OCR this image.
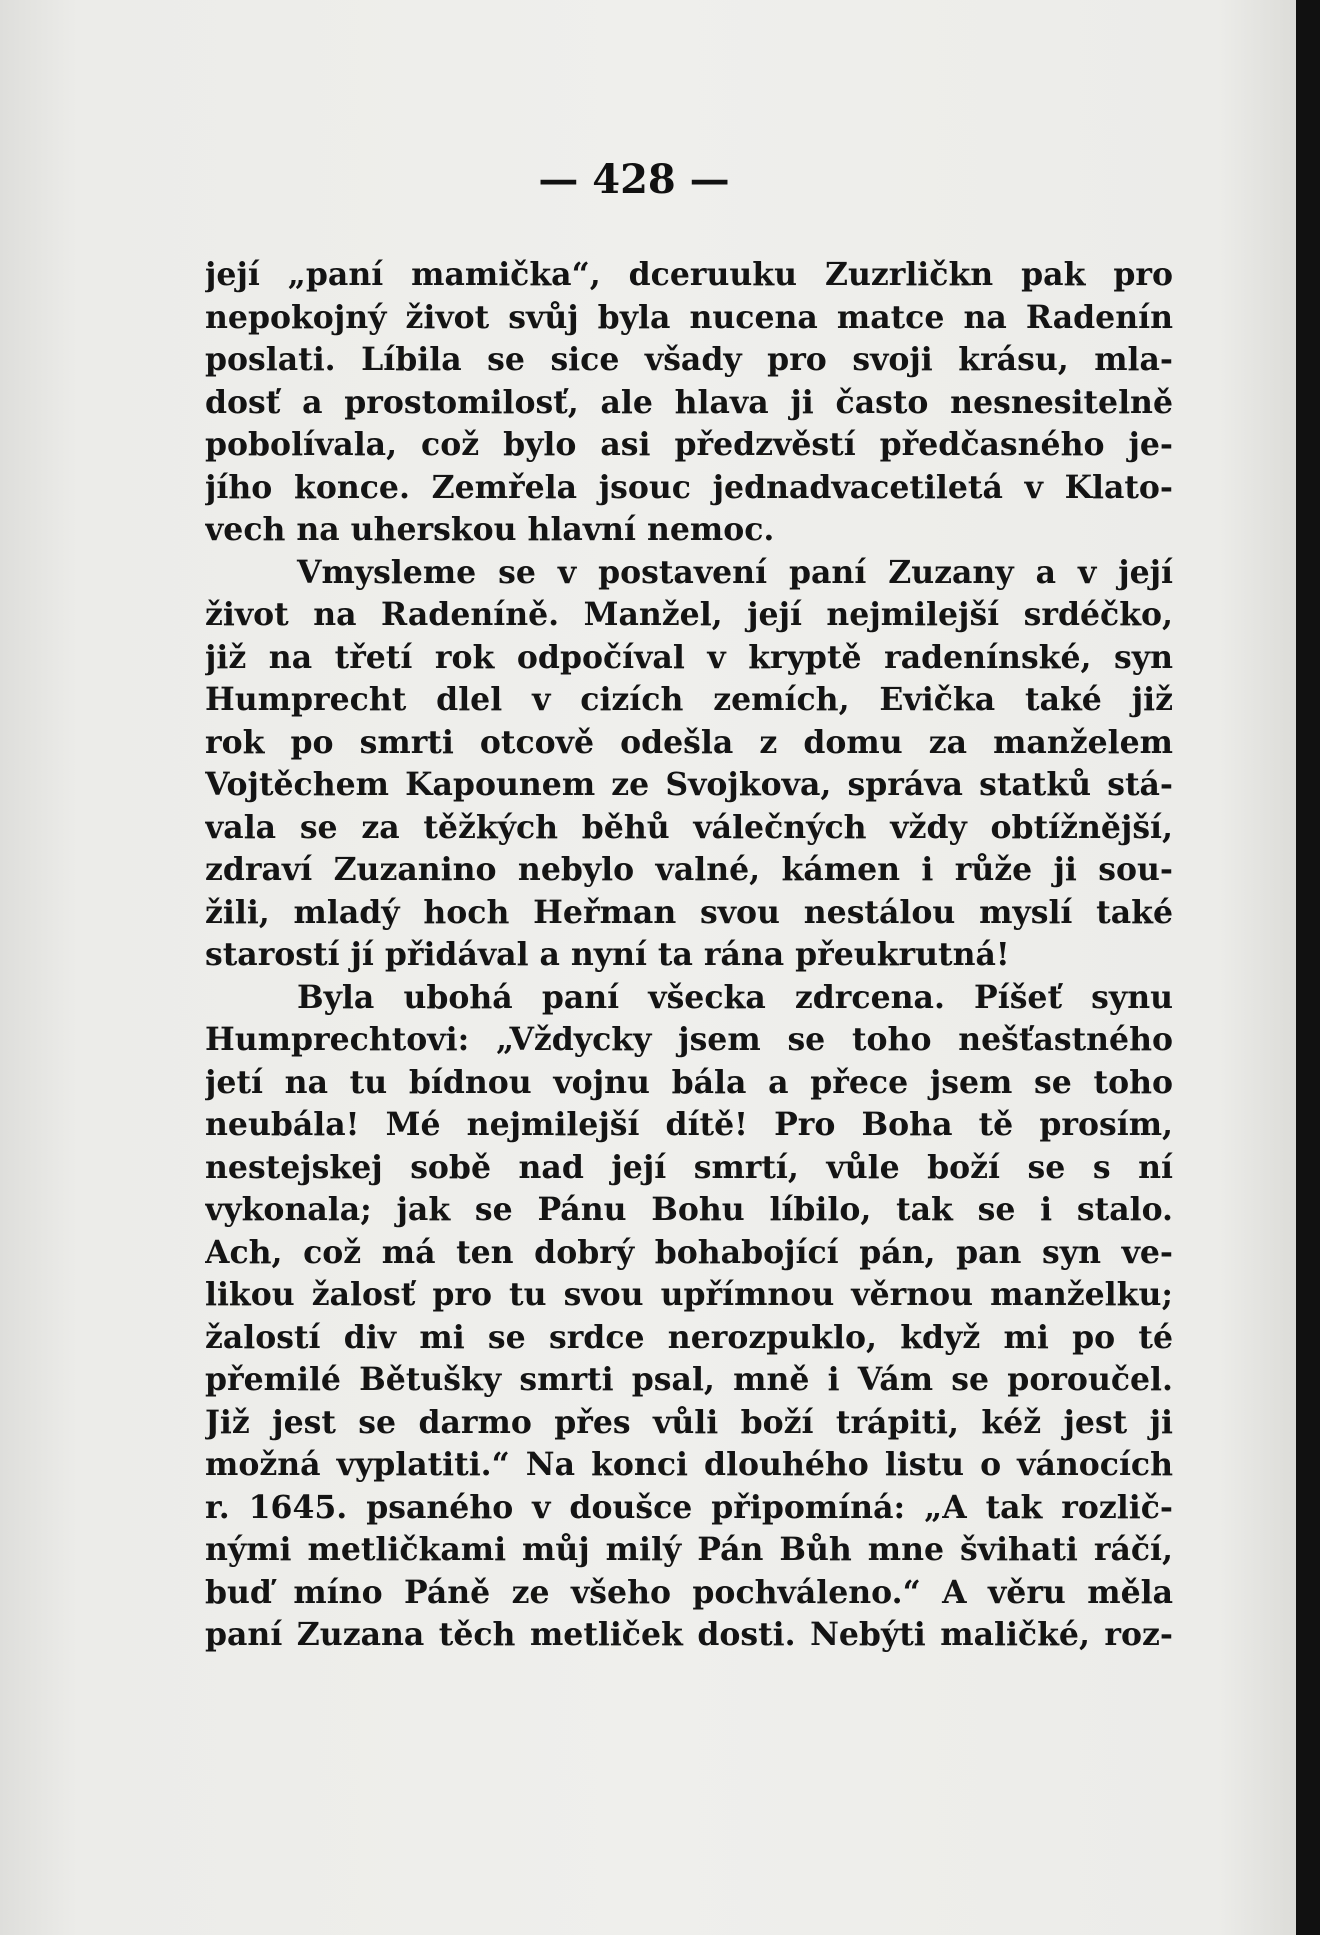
— 428 —
její „paní mamička“, dceruuku Zuzrličkn pak pro
nepokojný život svůj byla nucena matce na Radenín
poslati. Líbila se sice všady pro svoji krásu, mla-
dosť a prostomilosť, ale hlava ji často nesnesitelně
pobolívala, což bylo asi předzvěstí předčasného je-
jího konce. Zemřela jsouc jednadvacetiletá v Klato-
vech na uherskou hlavní nemoc.
Vmysleme se v postavení paní Zuzany a v její
život na Radeníně. Manžel, její nejmilejší srdéčko,
již na třetí rok odpočíval v kryptě radenínské, syn
Humprecht dlel v cizích zemích, Evička také již
rok po smrti otcově odešla z domu za manželem
Vojtěchem Kapounem ze Svojkova, správa statků stá-
vala se za těžkých běhů válečných vždy obtížnější,
zdraví Zuzanino nebylo valné, kámen i růže ji sou-
žili, mladý hoch Heřman svou nestálou myslí také
starostí jí přidával a nyní ta rána přeukrutná!
Byla ubohá paní všecka zdrcena. Píšeť synu
Humprechtovi: „Vždycky jsem se toho nešťastného
jetí na tu bídnou vojnu bála a přece jsem se toho
neubála! Mé nejmilejší dítě! Pro Boha tě prosím,
nestejskej sobě nad její smrtí, vůle boží se s ní
vykonala; jak se Pánu Bohu líbilo, tak se i stalo.
Ach, což má ten dobrý bohabojící pán, pan syn ve-
likou žalosť pro tu svou upřímnou věrnou manželku;
žalostí div mi se srdce nerozpuklo, když mi po té
přemilé Bětušky smrti psal, mně i Vám se poroučel.
Již jest se darmo přes vůli boží trápiti, kéž jest ji
možná vyplatiti.“ Na konci dlouhého listu o vánocích
r. 1645. psaného v doušce připomíná: „A tak rozlič-
nými metličkami můj milý Pán Bůh mne švihati ráčí,
buď míno Páně ze všeho pochváleno.“ A věru měla
paní Zuzana těch metliček dosti. Nebýti maličké, roz-
